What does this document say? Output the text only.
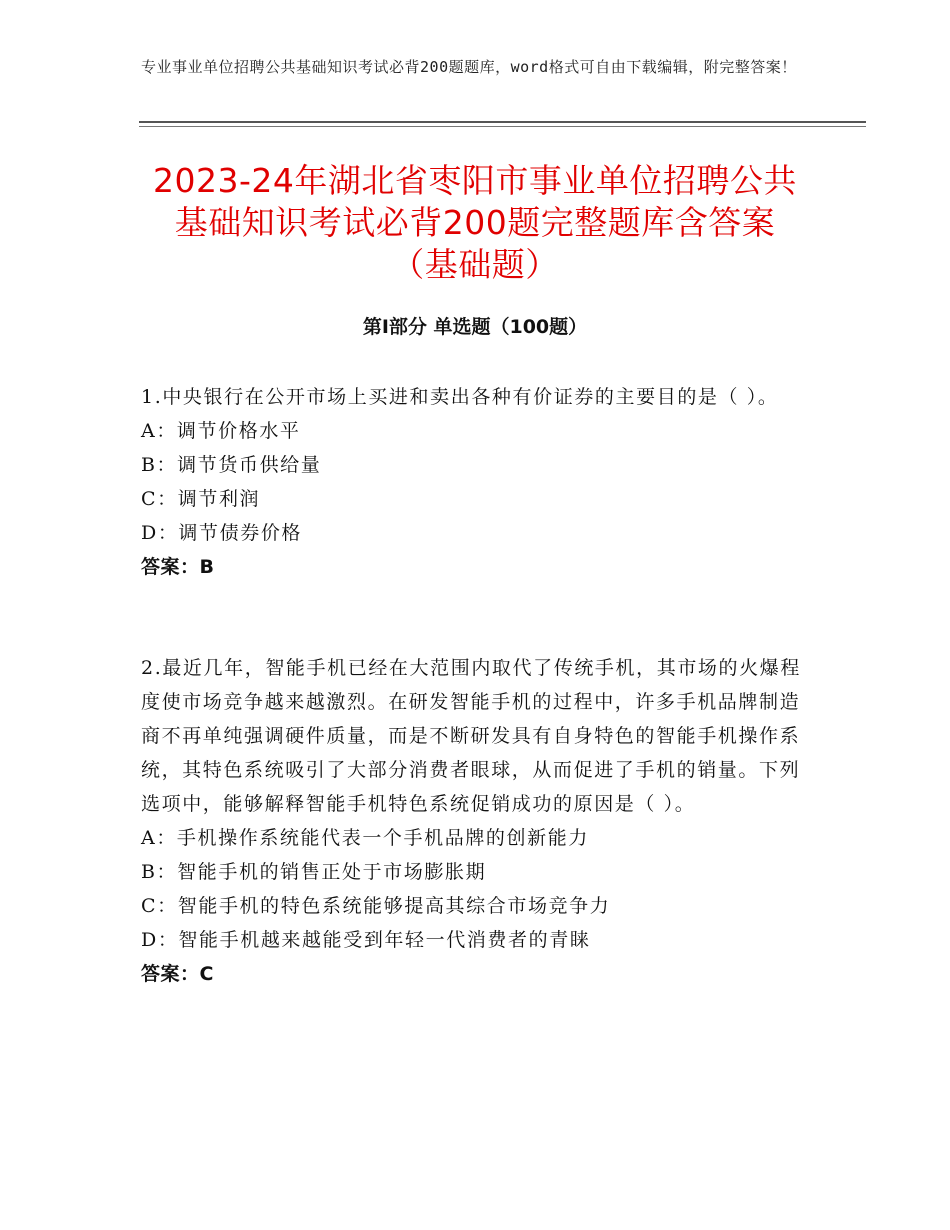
专业事业单位招聘公共基础知识考试必背200题题库，word格式可自由下载编辑，附完整答案！
2023-24年湖北省枣阳市事业单位招聘公共
基础知识考试必背200题完整题库含答案
（基础题）
第Ⅰ部分 单选题（100题）

1.中央银行在公开市场上买进和卖出各种有价证券的主要目的是（ ）。

A：调节价格水平

B：调节货币供给量

C：调节利润

D：调节债券价格

答案：B

2.最近几年，智能手机已经在大范围内取代了传统手机，其市场的火爆程度使市场竞争越来越激烈。在研发智能手机的过程中，许多手机品牌制造商不再单纯强调硬件质量，而是不断研发具有自身特色的智能手机操作系统，其特色系统吸引了大部分消费者眼球，从而促进了手机的销量。下列选项中，能够解释智能手机特色系统促销成功的原因是（ ）。

A：手机操作系统能代表一个手机品牌的创新能力

B：智能手机的销售正处于市场膨胀期

C：智能手机的特色系统能够提高其综合市场竞争力

D：智能手机越来越能受到年轻一代消费者的青睐

答案：C
